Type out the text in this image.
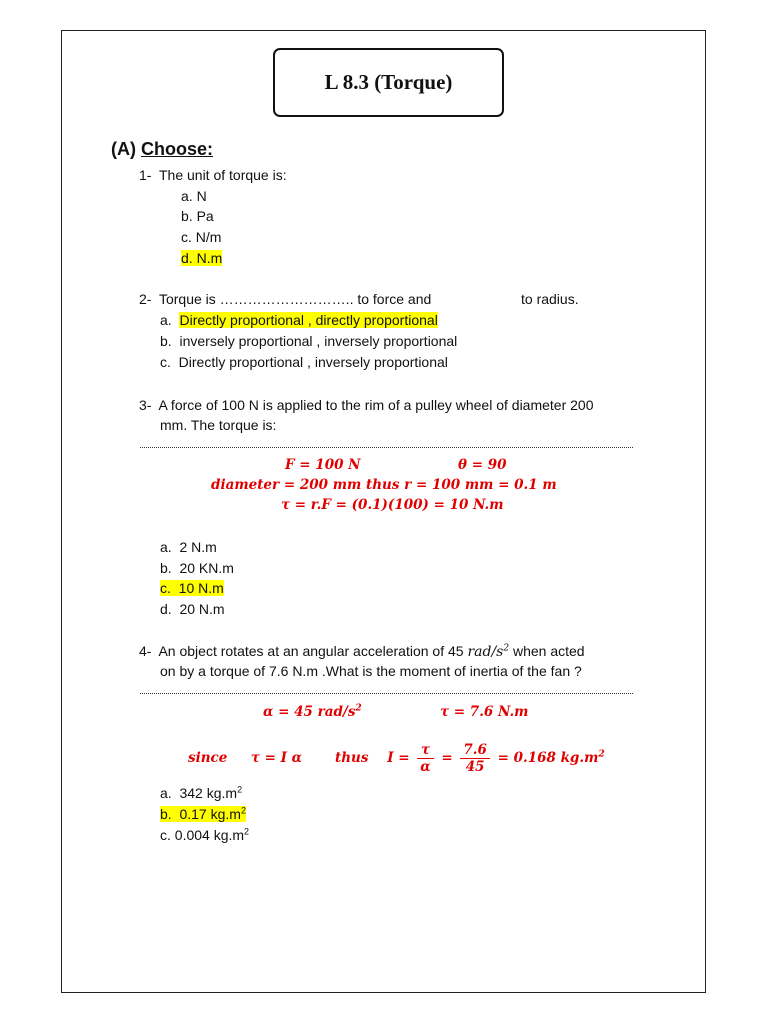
L 8.3 (Torque)
(A) Choose:
1- The unit of torque is:
a. N
b. Pa
c. N/m
d. N.m
2- Torque is ……………………….. to force and	to radius.
a. Directly proportional , directly proportional
b. inversely proportional , inversely proportional
c. Directly proportional , inversely proportional
3- A force of 100 N is applied to the rim of a pulley wheel of diameter 200
mm. The torque is:
F = 100 N	θ = 90
diameter = 200 mm thus r = 100 mm = 0.1 m
τ = r.F = (0.1)(100) = 10 N.m
a. 2 N.m
b. 20 KN.m
c. 10 N.m
d. 20 N.m
4- An object rotates at an angular acceleration of 45 rad/$s^2$ when acted
on by a torque of 7.6 N.m .What is the moment of inertia of the fan ?
α = 45 rad/$s^2$	τ = 7.6 N.m
since τ = I α thus $I = \frac{\tau}{\alpha} = \frac{7.6}{45} = 0.168$ $kg.m^2$
a. 342 $kg.m^2$
b.  0.17 $kg.m^2$
c. 0.004 $kg.m^2$
